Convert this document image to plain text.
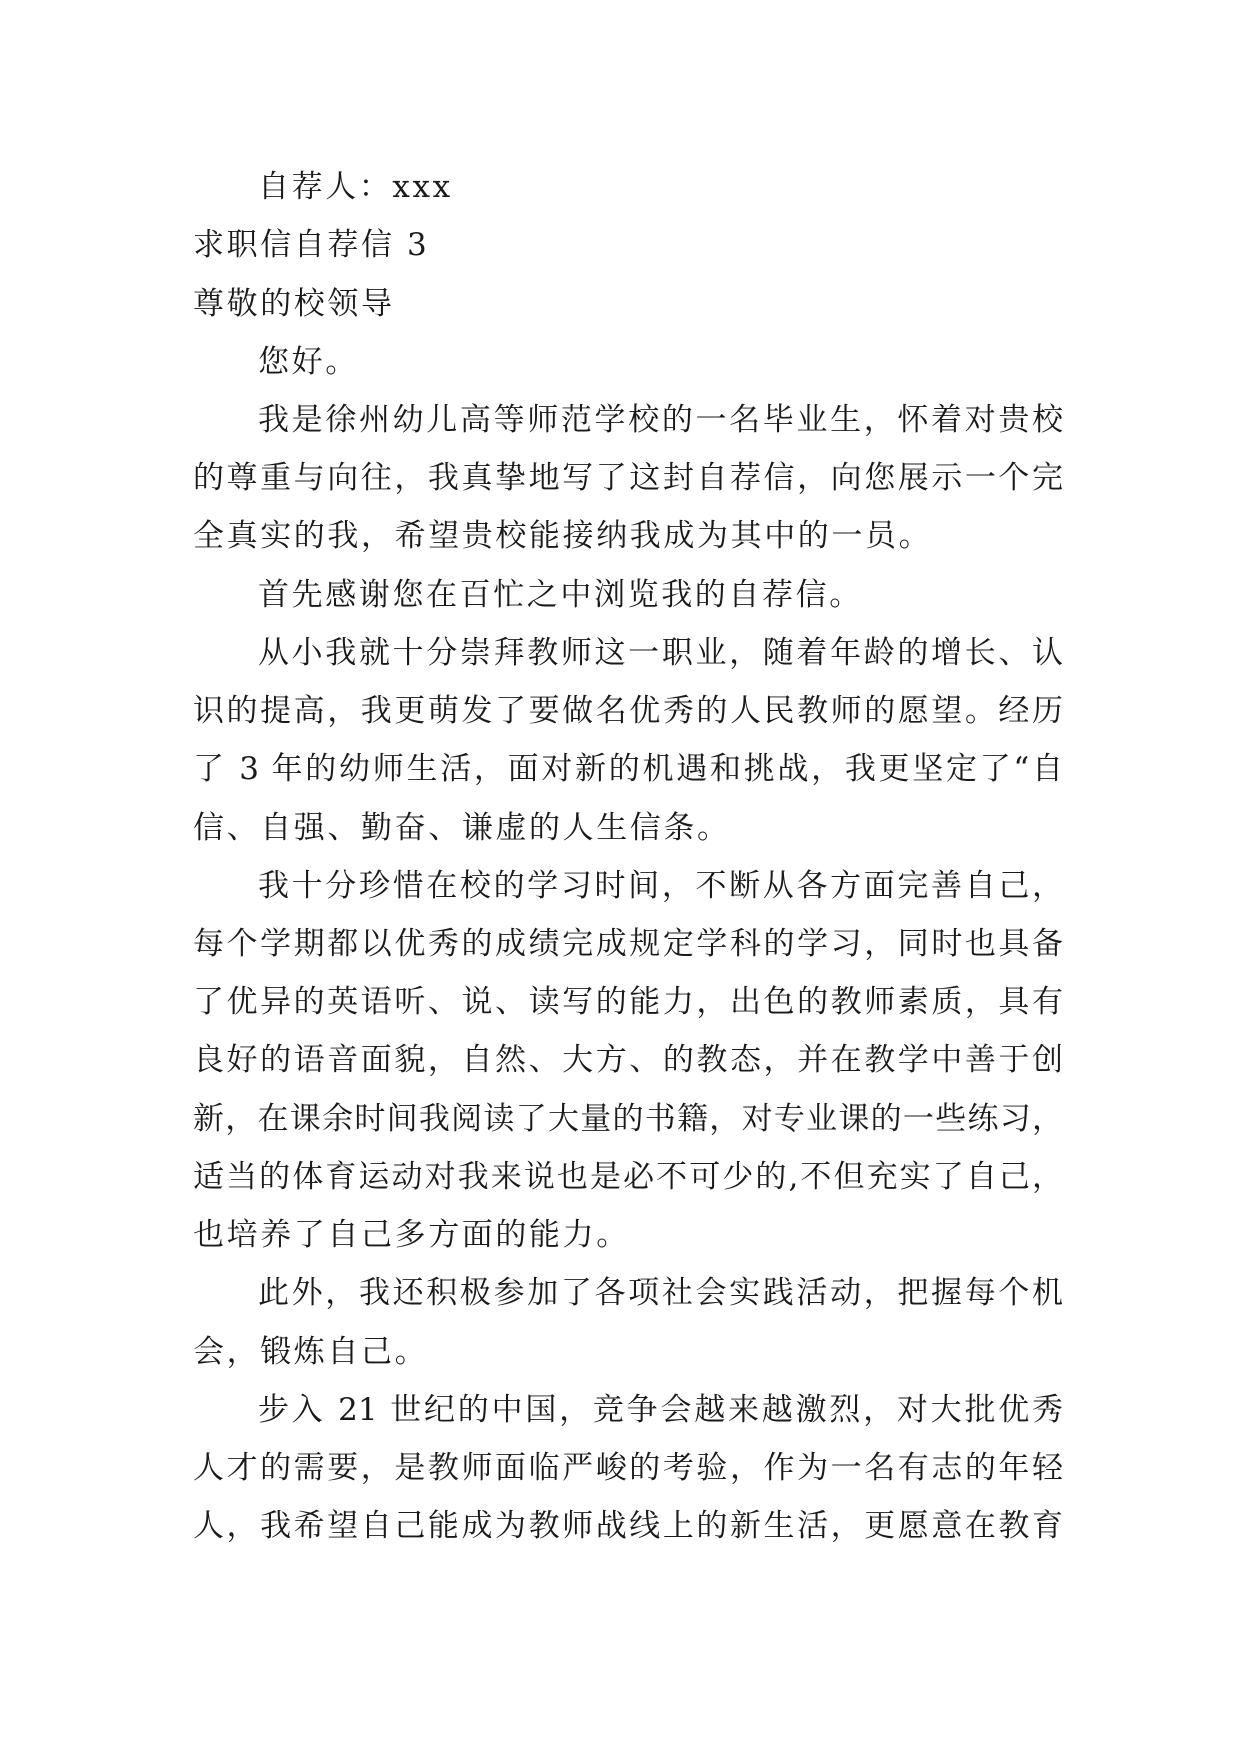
自荐人：xxx
求职信自荐信 3
尊敬的校领导
您好。
我是徐州幼儿高等师范学校的一名毕业生，怀着对贵校
的尊重与向往，我真挚地写了这封自荐信，向您展示一个完
全真实的我，希望贵校能接纳我成为其中的一员。
首先感谢您在百忙之中浏览我的自荐信。
从小我就十分崇拜教师这一职业，随着年龄的增长、认
识的提高，我更萌发了要做名优秀的人民教师的愿望。经历
了 3 年的幼师生活，面对新的机遇和挑战，我更坚定了“自
信、自强、勤奋、谦虚的人生信条。
我十分珍惜在校的学习时间，不断从各方面完善自己，
每个学期都以优秀的成绩完成规定学科的学习，同时也具备
了优异的英语听、说、读写的能力，出色的教师素质，具有
良好的语音面貌，自然、大方、的教态，并在教学中善于创
新，在课余时间我阅读了大量的书籍，对专业课的一些练习，
适当的体育运动对我来说也是必不可少的,不但充实了自己，
也培养了自己多方面的能力。
此外，我还积极参加了各项社会实践活动，把握每个机
会，锻炼自己。
步入 21 世纪的中国，竞争会越来越激烈，对大批优秀
人才的需要，是教师面临严峻的考验，作为一名有志的年轻
人，我希望自己能成为教师战线上的新生活，更愿意在教育
